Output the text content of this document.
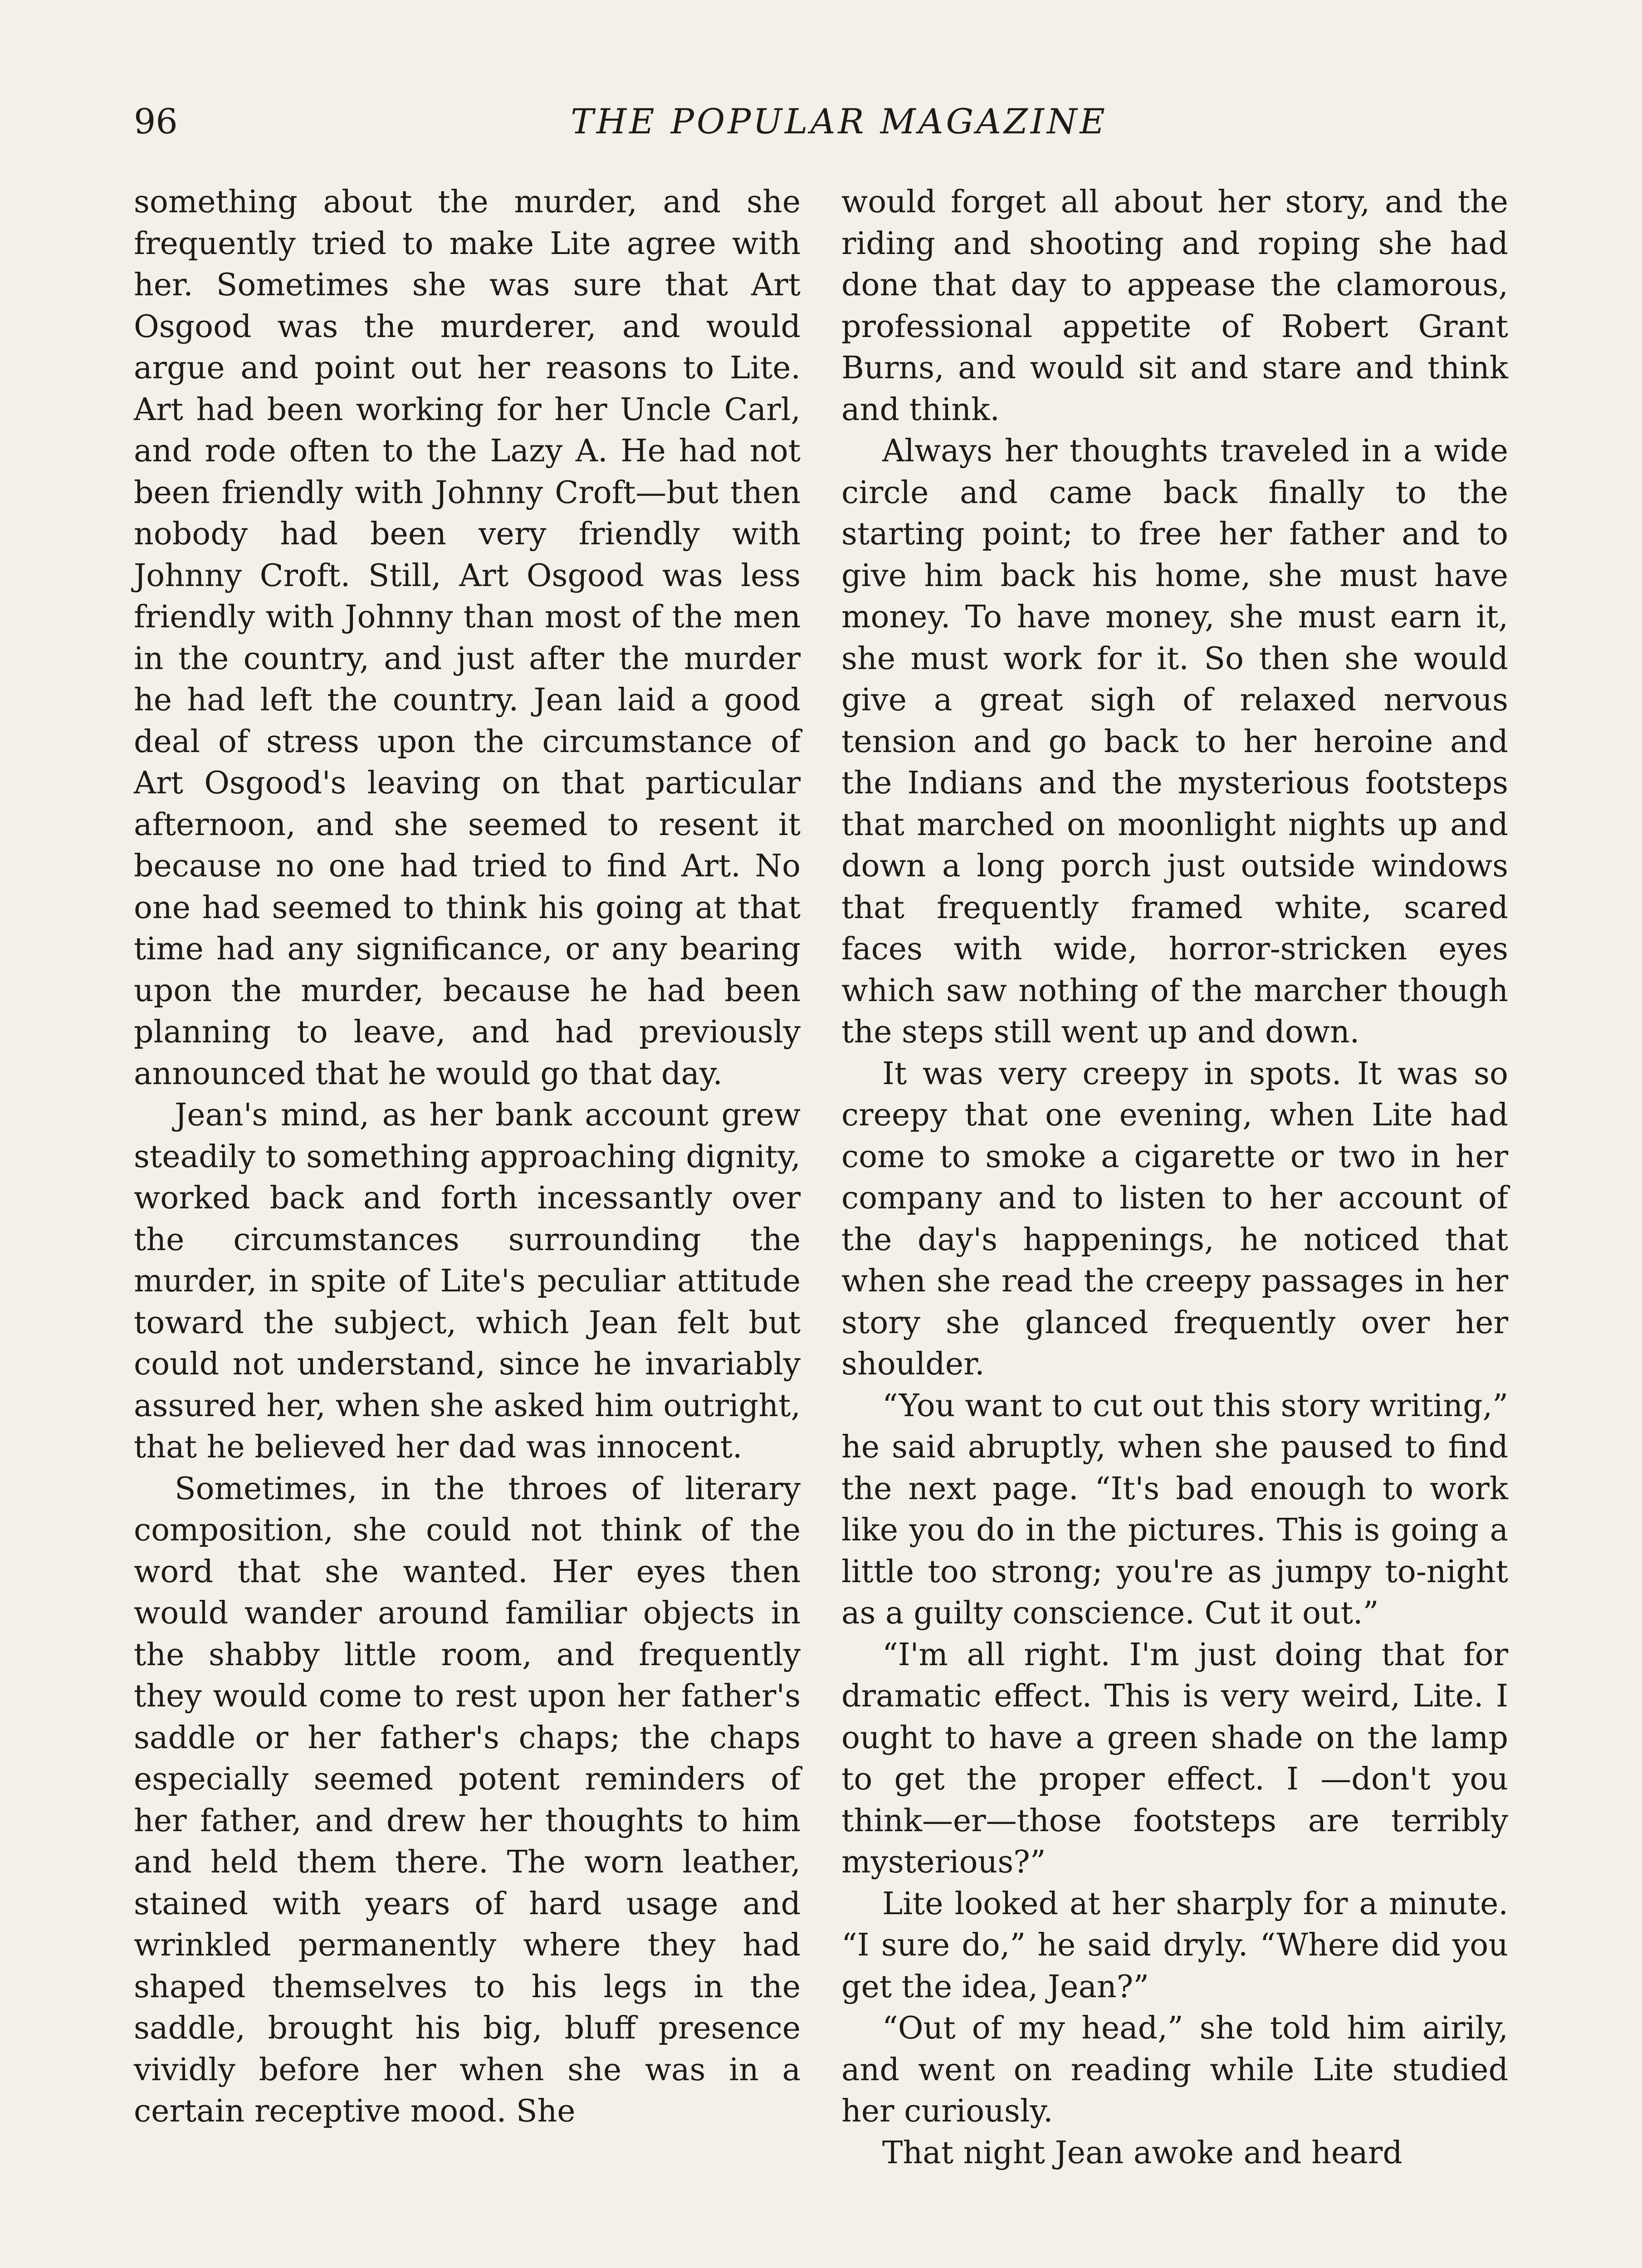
96	THE POPULAR MAGAZINE

something about the murder, and she frequently tried to make Lite agree with her. Sometimes she was sure that Art Osgood was the murderer, and would argue and point out her reasons to Lite. Art had been working for her Uncle Carl, and rode often to the Lazy A. He had not been friendly with Johnny Croft—but then nobody had been very friendly with Johnny Croft. Still, Art Osgood was less friendly with Johnny than most of the men in the country, and just after the murder he had left the country. Jean laid a good deal of stress upon the circumstance of Art Osgood's leaving on that particular afternoon, and she seemed to resent it because no one had tried to find Art. No one had seemed to think his going at that time had any significance, or any bearing upon the murder, because he had been planning to leave, and had previously announced that he would go that day.

Jean's mind, as her bank account grew steadily to something approaching dignity, worked back and forth incessantly over the circumstances surrounding the murder, in spite of Lite's peculiar attitude toward the subject, which Jean felt but could not understand, since he invariably assured her, when she asked him outright, that he believed her dad was innocent.

Sometimes, in the throes of literary composition, she could not think of the word that she wanted. Her eyes then would wander around familiar objects in the shabby little room, and frequently they would come to rest upon her father's saddle or her father's chaps; the chaps especially seemed potent reminders of her father, and drew her thoughts to him and held them there. The worn leather, stained with years of hard usage and wrinkled permanently where they had shaped themselves to his legs in the saddle, brought his big, bluff presence vividly before her when she was in a certain receptive mood. She

would forget all about her story, and the riding and shooting and roping she had done that day to appease the clamorous, professional appetite of Robert Grant Burns, and would sit and stare and think and think.

Always her thoughts traveled in a wide circle and came back finally to the starting point; to free her father and to give him back his home, she must have money. To have money, she must earn it, she must work for it. So then she would give a great sigh of relaxed nervous tension and go back to her heroine and the Indians and the mysterious footsteps that marched on moonlight nights up and down a long porch just outside windows that frequently framed white, scared faces with wide, horror-stricken eyes which saw nothing of the marcher though the steps still went up and down.

It was very creepy in spots. It was so creepy that one evening, when Lite had come to smoke a cigarette or two in her company and to listen to her account of the day's happenings, he noticed that when she read the creepy passages in her story she glanced frequently over her shoulder.

“You want to cut out this story writing,” he said abruptly, when she paused to find the next page. “It's bad enough to work like you do in the pictures. This is going a little too strong; you're as jumpy to-night as a guilty conscience. Cut it out.”

“I'm all right. I'm just doing that for dramatic effect. This is very weird, Lite. I ought to have a green shade on the lamp to get the proper effect. I —don't you think—er—those footsteps are terribly mysterious?”

Lite looked at her sharply for a minute. “I sure do,” he said dryly. “Where did you get the idea, Jean?”

“Out of my head,” she told him airily, and went on reading while Lite studied her curiously.

That night Jean awoke and heard
